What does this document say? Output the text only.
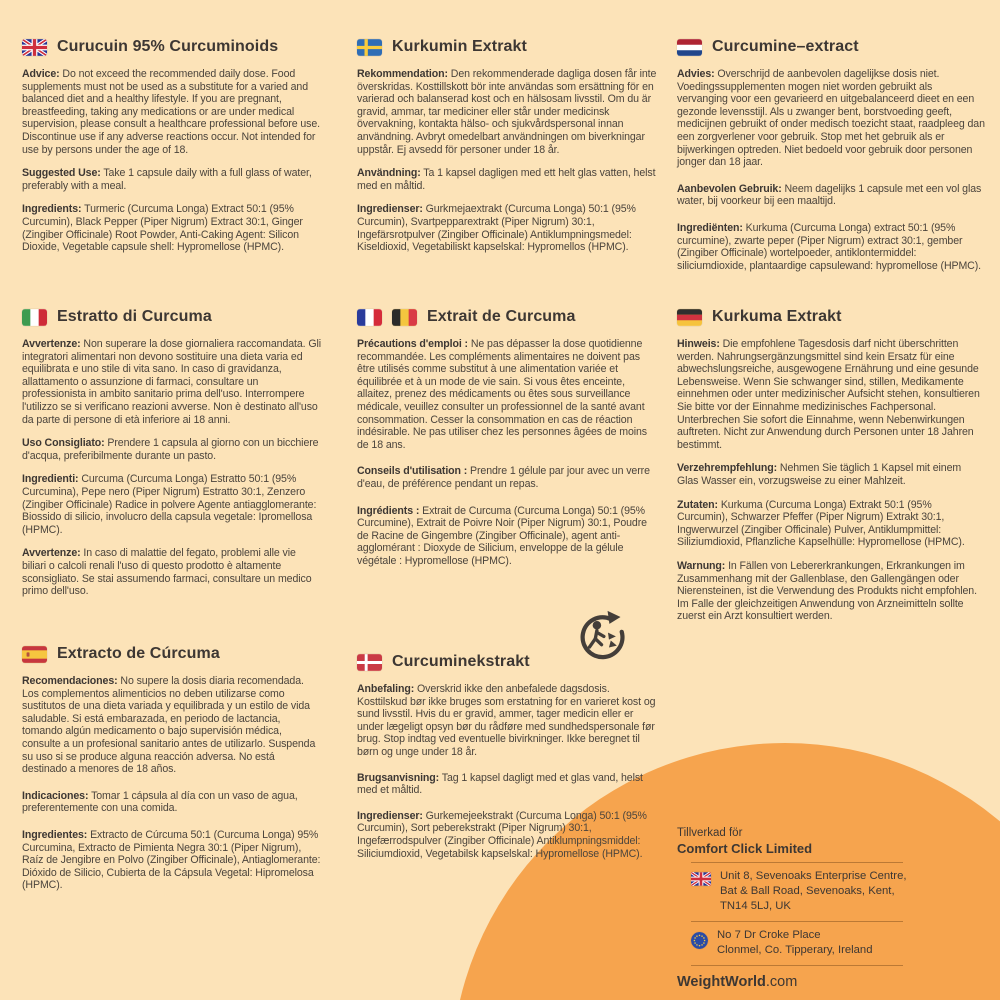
Curucuin 95% Curcuminoids

Advice: Do not exceed the recommended daily dose. Food supplements must not be used as a substitute for a varied and balanced diet and a healthy lifestyle. If you are pregnant, breastfeeding, taking any medications or are under medical supervision, please consult a healthcare professional before use. Discontinue use if any adverse reactions occur. Not intended for use by persons under the age of 18.

Suggested Use: Take 1 capsule daily with a full glass of water, preferably with a meal.

Ingredients: Turmeric (Curcuma Longa) Extract 50:1 (95% Curcumin), Black Pepper (Piper Nigrum) Extract 30:1, Ginger (Zingiber Officinale) Root Powder, Anti-Caking Agent: Silicon Dioxide, Vegetable capsule shell: Hypromellose (HPMC).

Kurkumin Extrakt

Rekommendation: Den rekommenderade dagliga dosen får inte överskridas. Kosttillskott bör inte användas som ersättning för en varierad och balanserad kost och en hälsosam livsstil. Om du är gravid, ammar, tar mediciner eller står under medicinsk övervakning, kontakta hälso- och sjukvårdspersonal innan användning. Avbryt omedelbart användningen om biverkningar uppstår. Ej avsedd för personer under 18 år.

Användning: Ta 1 kapsel dagligen med ett helt glas vatten, helst med en måltid.

Ingredienser: Gurkmejaextrakt (Curcuma Longa) 50:1 (95% Curcumin), Svartpepparextrakt (Piper Nigrum) 30:1, Ingefärsrotpulver (Zingiber Officinale) Antiklumpningsmedel: Kiseldioxid, Vegetabiliskt kapselskal: Hypromellos (HPMC).

Curcumine–extract

Advies: Overschrijd de aanbevolen dagelijkse dosis niet. Voedingssupplementen mogen niet worden gebruikt als vervanging voor een gevarieerd en uitgebalanceerd dieet en een gezonde levensstijl. Als u zwanger bent, borstvoeding geeft, medicijnen gebruikt of onder medisch toezicht staat, raadpleeg dan een zorgverlener voor gebruik. Stop met het gebruik als er bijwerkingen optreden. Niet bedoeld voor gebruik door personen jonger dan 18 jaar.

Aanbevolen Gebruik: Neem dagelijks 1 capsule met een vol glas water, bij voorkeur bij een maaltijd.

Ingrediënten: Kurkuma (Curcuma Longa) extract 50:1 (95% curcumine), zwarte peper (Piper Nigrum) extract 30:1, gember (Zingiber Officinale) wortelpoeder, antiklontermiddel: siliciumdioxide, plantaardige capsulewand: hypromellose (HPMC).

Estratto di Curcuma

Avvertenze: Non superare la dose giornaliera raccomandata. Gli integratori alimentari non devono sostituire una dieta varia ed equilibrata e uno stile di vita sano. In caso di gravidanza, allattamento o assunzione di farmaci, consultare un professionista in ambito sanitario prima dell'uso. Interrompere l'utilizzo se si verificano reazioni avverse. Non è destinato all'uso da parte di persone di età inferiore ai 18 anni.

Uso Consigliato: Prendere 1 capsula al giorno con un bicchiere d'acqua, preferibilmente durante un pasto.

Ingredienti: Curcuma (Curcuma Longa) Estratto 50:1 (95% Curcumina), Pepe nero (Piper Nigrum) Estratto 30:1, Zenzero (Zingiber Officinale) Radice in polvere Agente antiagglomerante: Biossido di silicio, involucro della capsula vegetale: Ipromellosa (HPMC).

Avvertenze: In caso di malattie del fegato, problemi alle vie biliari o calcoli renali l'uso di questo prodotto è altamente sconsigliato. Se stai assumendo farmaci, consultare un medico primo dell'uso.

Extrait de Curcuma

Précautions d'emploi : Ne pas dépasser la dose quotidienne recommandée. Les compléments alimentaires ne doivent pas être utilisés comme substitut à une alimentation variée et équilibrée et à un mode de vie sain. Si vous êtes enceinte, allaitez, prenez des médicaments ou êtes sous surveillance médicale, veuillez consulter un professionnel de la santé avant consommation. Cesser la consommation en cas de réaction indésirable. Ne pas utiliser chez les personnes âgées de moins de 18 ans.

Conseils d'utilisation : Prendre 1 gélule par jour avec un verre d'eau, de préférence pendant un repas.

Ingrédients : Extrait de Curcuma (Curcuma Longa) 50:1 (95% Curcumine), Extrait de Poivre Noir (Piper Nigrum) 30:1, Poudre de Racine de Gingembre (Zingiber Officinale), agent anti-agglomérant : Dioxyde de Silicium, enveloppe de la gélule végétale : Hypromellose (HPMC).

Kurkuma Extrakt

Hinweis: Die empfohlene Tagesdosis darf nicht überschritten werden. Nahrungsergänzungsmittel sind kein Ersatz für eine abwechslungsreiche, ausgewogene Ernährung und eine gesunde Lebensweise. Wenn Sie schwanger sind, stillen, Medikamente einnehmen oder unter medizinischer Aufsicht stehen, konsultieren Sie bitte vor der Einnahme medizinisches Fachpersonal. Unterbrechen Sie sofort die Einnahme, wenn Nebenwirkungen auftreten. Nicht zur Anwendung durch Personen unter 18 Jahren bestimmt.

Verzehrempfehlung: Nehmen Sie täglich 1 Kapsel mit einem Glas Wasser ein, vorzugsweise zu einer Mahlzeit.

Zutaten: Kurkuma (Curcuma Longa) Extrakt 50:1 (95% Curcumin), Schwarzer Pfeffer (Piper Nigrum) Extrakt 30:1, Ingwerwurzel (Zingiber Officinale) Pulver, Antiklumpmittel: Siliziumdioxid, Pflanzliche Kapselhülle: Hypromellose (HPMC).

Warnung: In Fällen von Lebererkrankungen, Erkrankungen im Zusammenhang mit der Gallenblase, den Gallengängen oder Nierensteinen, ist die Verwendung des Produkts nicht empfohlen. Im Falle der gleichzeitigen Anwendung von Arzneimitteln sollte zuerst ein Arzt konsultiert werden.

Extracto de Cúrcuma

Recomendaciones: No supere la dosis diaria recomendada. Los complementos alimenticios no deben utilizarse como sustitutos de una dieta variada y equilibrada y un estilo de vida saludable. Si está embarazada, en periodo de lactancia, tomando algún medicamento o bajo supervisión médica, consulte a un profesional sanitario antes de utilizarlo. Suspenda su uso si se produce alguna reacción adversa. No está destinado a menores de 18 años.

Indicaciones: Tomar 1 cápsula al día con un vaso de agua, preferentemente con una comida.

Ingredientes: Extracto de Cúrcuma 50:1 (Curcuma Longa) 95% Curcumina, Extracto de Pimienta Negra 30:1 (Piper Nigrum), Raíz de Jengibre en Polvo (Zingiber Officinale), Antiaglomerante: Dióxido de Silicio, Cubierta de la Cápsula Vegetal: Hipromelosa (HPMC).

Curcuminekstrakt

Anbefaling: Overskrid ikke den anbefalede dagsdosis. Kosttilskud bør ikke bruges som erstatning for en varieret kost og sund livsstil. Hvis du er gravid, ammer, tager medicin eller er under lægeligt opsyn bør du rådføre med sundhedspersonale før brug. Stop indtag ved eventuelle bivirkninger. Ikke beregnet til børn og unge under 18 år.

Brugsanvisning: Tag 1 kapsel dagligt med et glas vand, helst med et måltid.

Ingredienser: Gurkemejeekstrakt (Curcuma Longa) 50:1 (95% Curcumin), Sort peberekstrakt (Piper Nigrum) 30:1, Ingefærrodspulver (Zingiber Officinale) Antiklumpningsmiddel: Siliciumdioxid, Vegetabilsk kapselskal: Hypromellose (HPMC).

Tillverkad för

Comfort Click Limited

Unit 8, Sevenoaks Enterprise Centre,
Bat & Ball Road, Sevenoaks, Kent,
TN14 5LJ, UK
No 7 Dr Croke Place
Clonmel, Co. Tipperary, Ireland

WeightWorld.com
